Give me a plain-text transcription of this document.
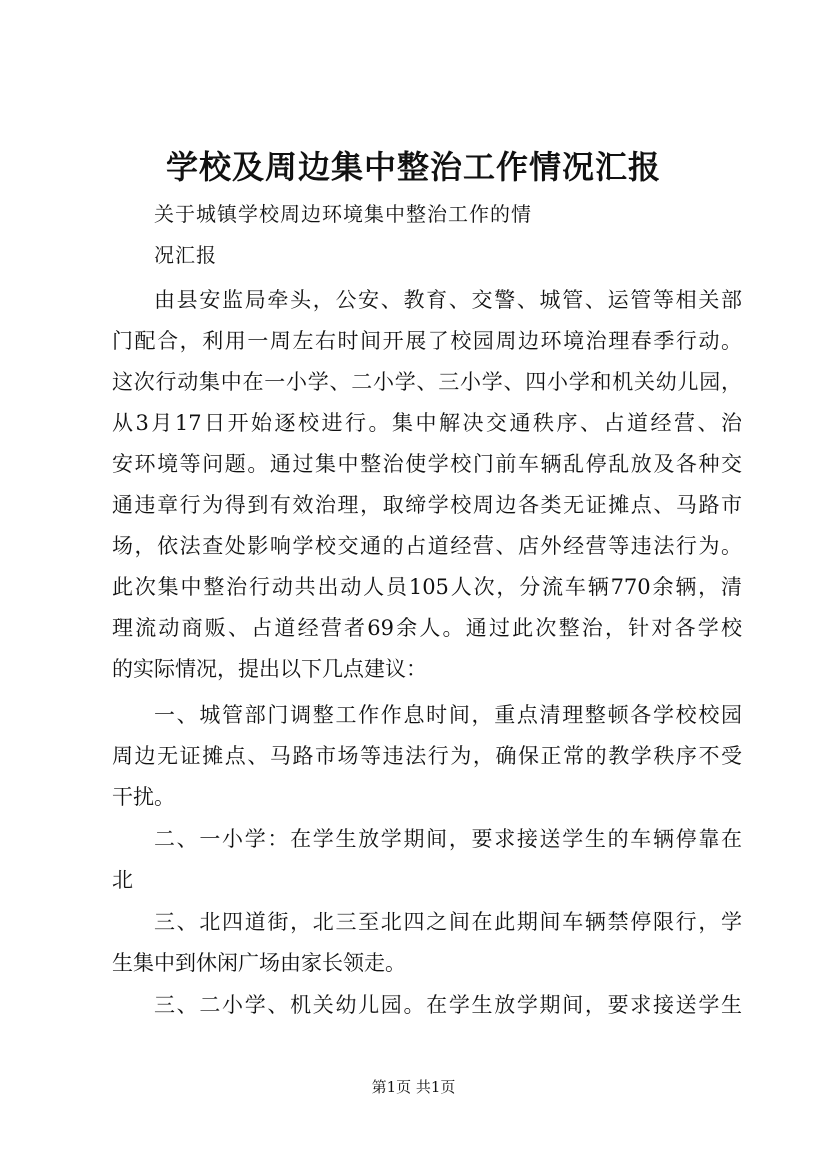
学校及周边集中整治工作情况汇报

关于城镇学校周边环境集中整治工作的情

况汇报

由县安监局牵头，公安、教育、交警、城管、运管等相关部

门配合，利用一周左右时间开展了校园周边环境治理春季行动。

这次行动集中在一小学、二小学、三小学、四小学和机关幼儿园，

从3月17日开始逐校进行。集中解决交通秩序、占道经营、治

安环境等问题。通过集中整治使学校门前车辆乱停乱放及各种交

通违章行为得到有效治理，取缔学校周边各类无证摊点、马路市

场，依法查处影响学校交通的占道经营、店外经营等违法行为。

此次集中整治行动共出动人员105人次，分流车辆770余辆，清

理流动商贩、占道经营者69余人。通过此次整治，针对各学校

的实际情况，提出以下几点建议：

一、城管部门调整工作作息时间，重点清理整顿各学校校园

周边无证摊点、马路市场等违法行为，确保正常的教学秩序不受

干扰。

二、一小学：在学生放学期间，要求接送学生的车辆停靠在

北

三、北四道街，北三至北四之间在此期间车辆禁停限行，学

生集中到休闲广场由家长领走。

三、二小学、机关幼儿园。在学生放学期间，要求接送学生

第1页 共1页
